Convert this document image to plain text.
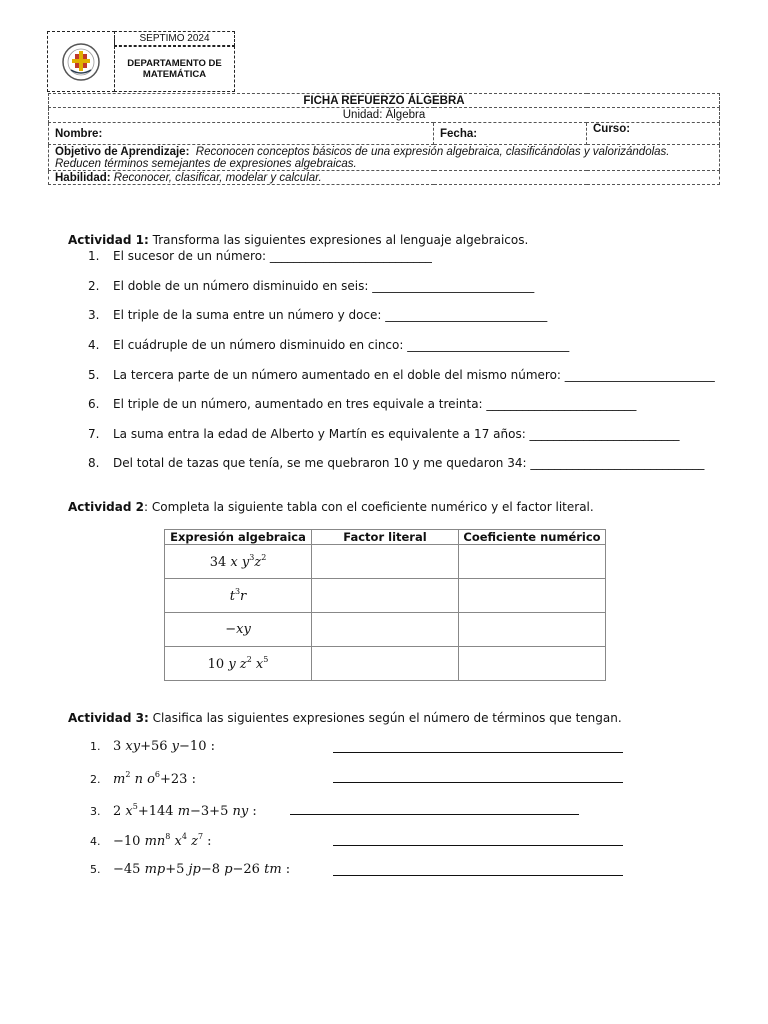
SEPTIMO 2024
DEPARTAMENTO DE MATEMÁTICA
FICHA REFUERZO ÁLGEBRA
Unidad: Álgebra
Nombre:	Fecha:	Curso:
Objetivo de Aprendizaje: Reconocen conceptos básicos de una expresión algebraica, clasificándolas y valorizándolas. Reducen términos semejantes de expresiones algebraicas.
Habilidad: Reconocer, clasificar, modelar y calcular.
Actividad 1: Transforma las siguientes expresiones al lenguaje algebraicos.
1. El sucesor de un número: ___________________________
2. El doble de un número disminuido en seis: ___________________________
3. El triple de la suma entre un número y doce: ___________________________
4. El cuádruple de un número disminuido en cinco: ___________________________
5. La tercera parte de un número aumentado en el doble del mismo número: _________________________
6. El triple de un número, aumentado en tres equivale a treinta: _________________________
7. La suma entra la edad de Alberto y Martín es equivalente a 17 años: _________________________
8. Del total de tazas que tenía, se me quebraron 10 y me quedaron 34: _____________________________
Actividad 2: Completa la siguiente tabla con el coeficiente numérico y el factor literal.
Expresión algebraica	Factor literal	Coeficiente numérico
34 x $y^3z^2$		
$t^3r$		
−xy		
10 y $z^2$ $x^5$		
Actividad 3: Clasifica las siguientes expresiones según el número de términos que tengan.
1. 3 xy+56 y−10 :
2. $m^2$ n $o^6+23$ :
3. 2 $x^5+144$ m−3+5 ny :
4. −10 $mn^8$ $x^4$ $z^7$ :
5. −45 mp+5 jp−8 p−26 tm :
